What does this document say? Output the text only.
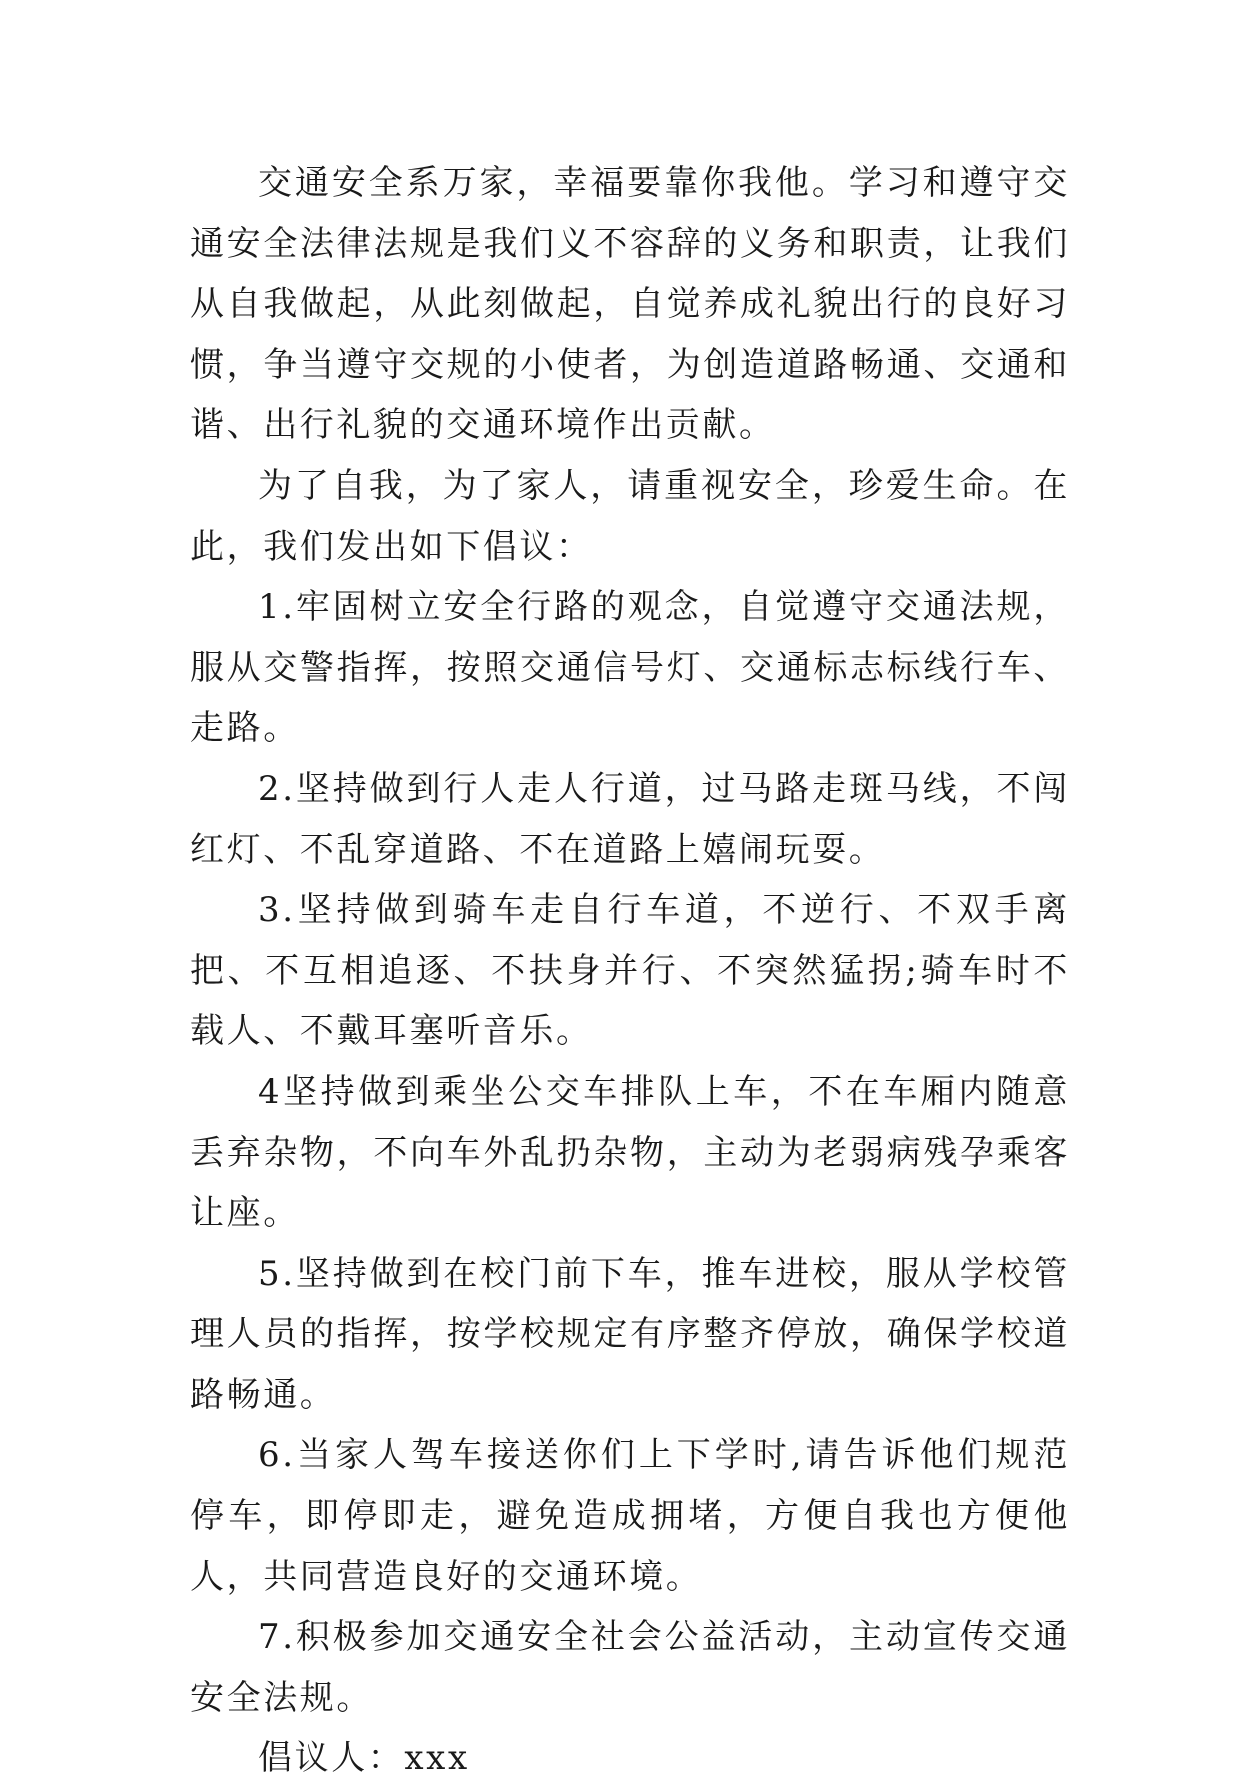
交通安全系万家，幸福要靠你我他。学习和遵守交通安全法律法规是我们义不容辞的义务和职责，让我们从自我做起，从此刻做起，自觉养成礼貌出行的良好习惯，争当遵守交规的小使者，为创造道路畅通、交通和谐、出行礼貌的交通环境作出贡献。

为了自我，为了家人，请重视安全，珍爱生命。在此，我们发出如下倡议：

1.牢固树立安全行路的观念，自觉遵守交通法规，服从交警指挥，按照交通信号灯、交通标志标线行车、走路。

2.坚持做到行人走人行道，过马路走斑马线，不闯红灯、不乱穿道路、不在道路上嬉闹玩耍。

3.坚持做到骑车走自行车道，不逆行、不双手离把、不互相追逐、不扶身并行、不突然猛拐;骑车时不载人、不戴耳塞听音乐。

4坚持做到乘坐公交车排队上车，不在车厢内随意丢弃杂物，不向车外乱扔杂物，主动为老弱病残孕乘客让座。

5.坚持做到在校门前下车，推车进校，服从学校管理人员的指挥，按学校规定有序整齐停放，确保学校道路畅通。

6.当家人驾车接送你们上下学时,请告诉他们规范停车，即停即走，避免造成拥堵，方便自我也方便他人，共同营造良好的交通环境。

7.积极参加交通安全社会公益活动，主动宣传交通安全法规。

倡议人：xxx
